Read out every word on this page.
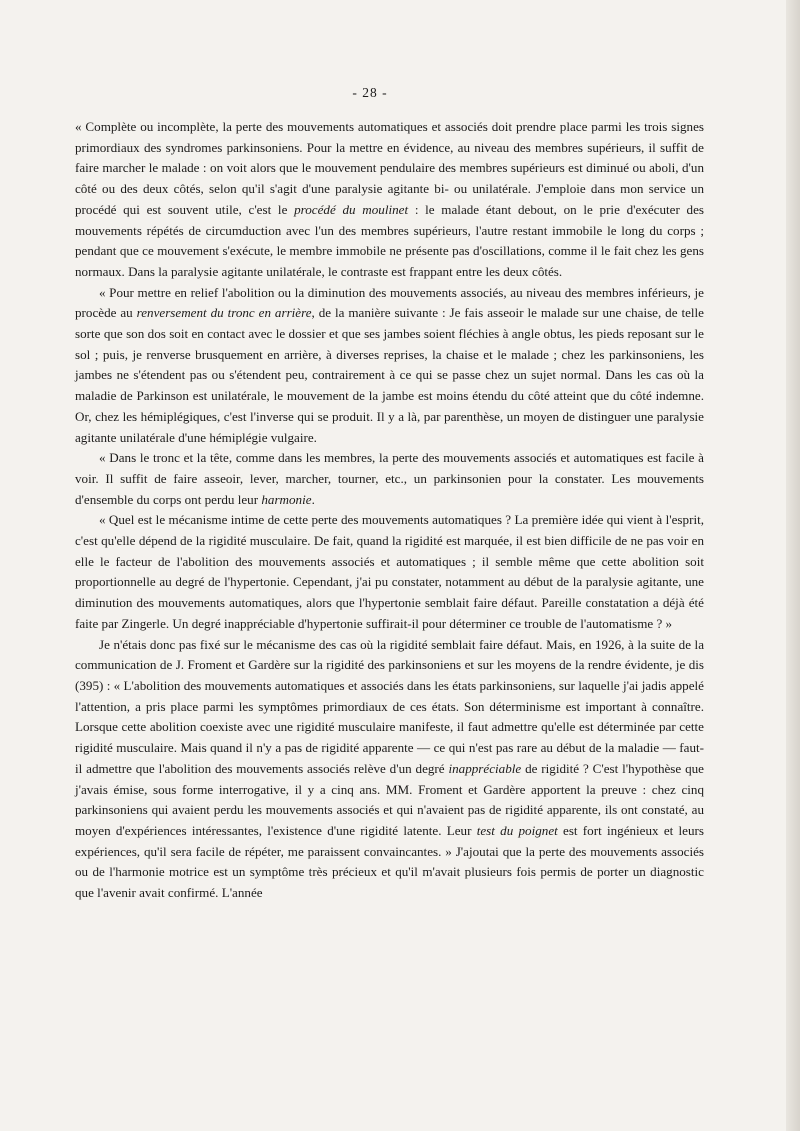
- 28 -

« Complète ou incomplète, la perte des mouvements automatiques et associés doit prendre place parmi les trois signes primordiaux des syndromes parkinsoniens. Pour la mettre en évidence, au niveau des membres supérieurs, il suffit de faire marcher le malade : on voit alors que le mouvement pendulaire des membres supérieurs est diminué ou aboli, d'un côté ou des deux côtés, selon qu'il s'agit d'une paralysie agitante bi- ou unilatérale. J'emploie dans mon service un procédé qui est souvent utile, c'est le procédé du moulinet : le malade étant debout, on le prie d'exécuter des mouvements répétés de circumduction avec l'un des membres supérieurs, l'autre restant immobile le long du corps ; pendant que ce mouvement s'exécute, le membre immobile ne présente pas d'oscillations, comme il le fait chez les gens normaux. Dans la paralysie agitante unilatérale, le contraste est frappant entre les deux côtés.

« Pour mettre en relief l'abolition ou la diminution des mouvements associés, au niveau des membres inférieurs, je procède au renversement du tronc en arrière, de la manière suivante : Je fais asseoir le malade sur une chaise, de telle sorte que son dos soit en contact avec le dossier et que ses jambes soient fléchies à angle obtus, les pieds reposant sur le sol ; puis, je renverse brusquement en arrière, à diverses reprises, la chaise et le malade ; chez les parkinsoniens, les jambes ne s'étendent pas ou s'étendent peu, contrairement à ce qui se passe chez un sujet normal. Dans les cas où la maladie de Parkinson est unilatérale, le mouvement de la jambe est moins étendu du côté atteint que du côté indemne. Or, chez les hémiplégiques, c'est l'inverse qui se produit. Il y a là, par parenthèse, un moyen de distinguer une paralysie agitante unilatérale d'une hémiplégie vulgaire.

« Dans le tronc et la tête, comme dans les membres, la perte des mouvements associés et automatiques est facile à voir. Il suffit de faire asseoir, lever, marcher, tourner, etc., un parkinsonien pour la constater. Les mouvements d'ensemble du corps ont perdu leur harmonie.

« Quel est le mécanisme intime de cette perte des mouvements automatiques ? La première idée qui vient à l'esprit, c'est qu'elle dépend de la rigidité musculaire. De fait, quand la rigidité est marquée, il est bien difficile de ne pas voir en elle le facteur de l'abolition des mouvements associés et automatiques ; il semble même que cette abolition soit proportionnelle au degré de l'hypertonie. Cependant, j'ai pu constater, notamment au début de la paralysie agitante, une diminution des mouvements automatiques, alors que l'hypertonie semblait faire défaut. Pareille constatation a déjà été faite par Zingerle. Un degré inappréciable d'hypertonie suffirait-il pour déterminer ce trouble de l'automatisme ? »

Je n'étais donc pas fixé sur le mécanisme des cas où la rigidité semblait faire défaut. Mais, en 1926, à la suite de la communication de J. Froment et Gardère sur la rigidité des parkinsoniens et sur les moyens de la rendre évidente, je dis (395) : « L'abolition des mouvements automatiques et associés dans les états parkinsoniens, sur laquelle j'ai jadis appelé l'attention, a pris place parmi les symptômes primordiaux de ces états. Son déterminisme est important à connaître. Lorsque cette abolition coexiste avec une rigidité musculaire manifeste, il faut admettre qu'elle est déterminée par cette rigidité musculaire. Mais quand il n'y a pas de rigidité apparente — ce qui n'est pas rare au début de la maladie — faut-il admettre que l'abolition des mouvements associés relève d'un degré inappréciable de rigidité ? C'est l'hypothèse que j'avais émise, sous forme interrogative, il y a cinq ans. MM. Froment et Gardère apportent la preuve : chez cinq parkinsoniens qui avaient perdu les mouvements associés et qui n'avaient pas de rigidité apparente, ils ont constaté, au moyen d'expériences intéressantes, l'existence d'une rigidité latente. Leur test du poignet est fort ingénieux et leurs expériences, qu'il sera facile de répéter, me paraissent convaincantes. » J'ajoutai que la perte des mouvements associés ou de l'harmonie motrice est un symptôme très précieux et qu'il m'avait plusieurs fois permis de porter un diagnostic que l'avenir avait confirmé. L'année
